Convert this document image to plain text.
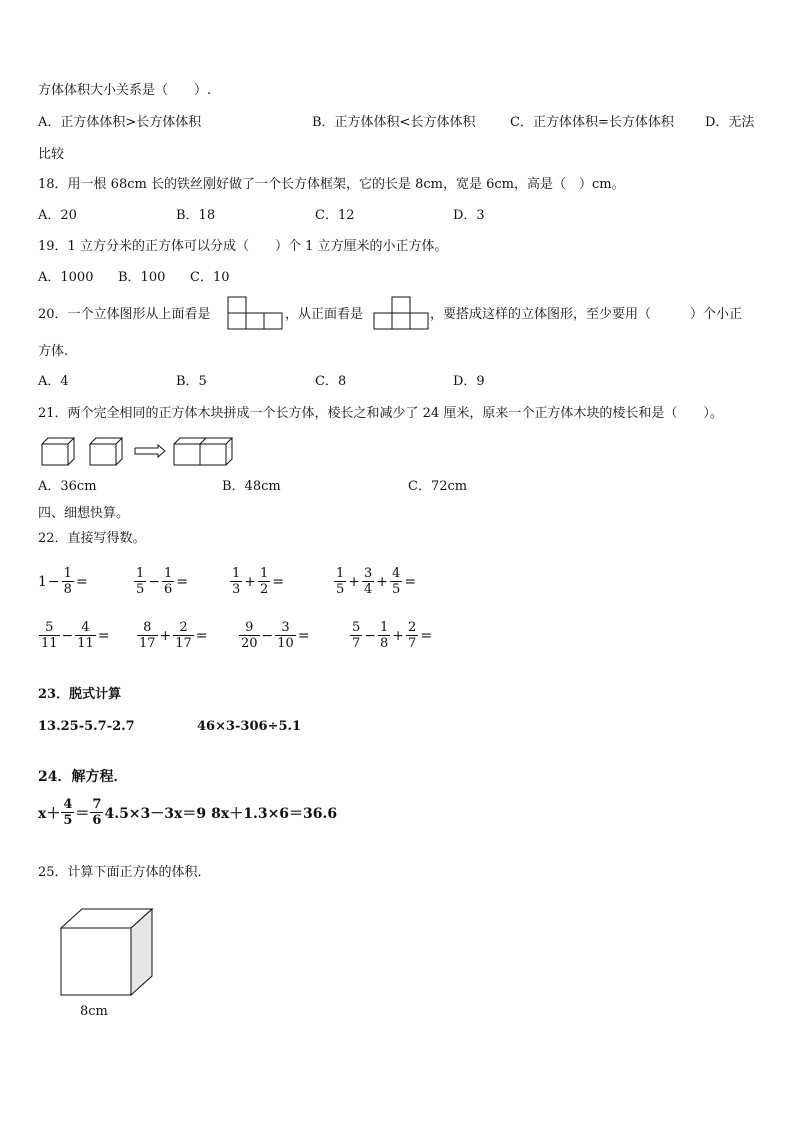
方体体积大小关系是（　　）.
A．正方体体积>长方体体积	B．正方体体积<长方体体积	C．正方体体积=长方体体积 D．无法
比较
18．用一根 68cm 长的铁丝刚好做了一个长方体框架，它的长是 8cm，宽是 6cm，高是（　）cm。
A．20	B．18	C．12	D．3
19．1 立方分米的正方体可以分成（　　）个 1 立方厘米的小正方体。
A．1000 B．100 C．10
20．一个立体图形从上面看是	，从正面看是	，要搭成这样的立体图形，至少要用（　　　）个小正
方体.
A．4	B．5	C．8	D．9
21．两个完全相同的正方体木块拼成一个长方体，棱长之和减少了 24 厘米，原来一个正方体木块的棱长和是（　　）。
A．36cm	B．48cm	C．72cm
四、细想快算。
22．直接写得数。
$1 - \frac{1}{8}$ =	$\frac{1}{5} - \frac{1}{6}$ =	$\frac{1}{3} + \frac{1}{2}$ =	$\frac{1}{5} + \frac{3}{4} + \frac{4}{5}$ =
$\frac{5}{11} - \frac{4}{11} = \frac{8}{17} + \frac{2}{17} = \frac{9}{20} - \frac{3}{10}$ =	$\frac{5}{7} - \frac{1}{8} + \frac{2}{7}$ =
23．脱式计算
13.25-5.7-2.7	46×3-306÷5.1
24．解方程．
$x+ \frac{4}{5} = \frac{7}{6} 4.5\times 3-3x=9$ 8x＋1.3×6＝36.6
25．计算下面正方体的体积．
8cm
